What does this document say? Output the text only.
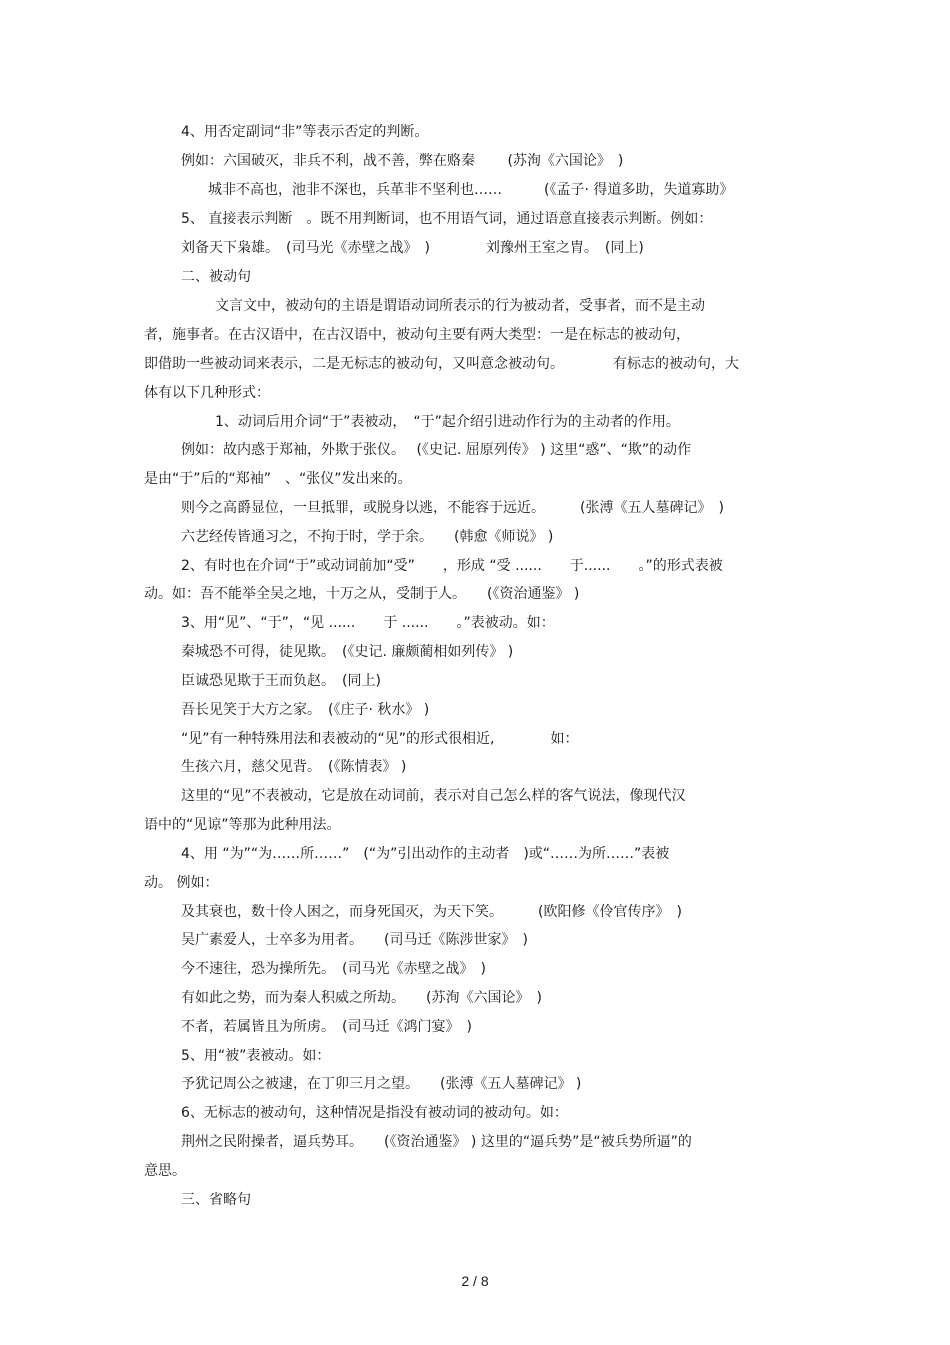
4、用否定副词“非”等表示否定的判断。
例如：六国破灭，非兵不利，战不善，弊在赂秦　　 (苏洵《六国论》　)
城非不高也，池非不深也，兵革非不坚利也……　　　(《孟子· 得道多助，失道寡助》
5、 直接表示判断　。既不用判断词，也不用语气词，通过语意直接表示判断。例如：
刘备天下枭雄。　(司马光《赤壁之战》　)　　　　刘豫州王室之胄。　(同上)
二、被动句
文言文中，被动句的主语是谓语动词所表示的行为被动者，受事者，而不是主动
者，施事者。在古汉语中，在古汉语中，被动句主要有两大类型：一是在标志的被动句，
即借助一些被动词来表示，二是无标志的被动句，又叫意念被动句。　　　　有标志的被动句，大
体有以下几种形式：
1、动词后用介词“于”表被动，　“于”起介绍引进动作行为的主动者的作用。
例如：故内惑于郑袖，外欺于张仪。　 (《史记. 屈原列传》 ) 这里“惑”、“欺”的动作
是由“于”后的“郑袖”　、“张仪”发出来的。
则今之高爵显位，一旦抵罪，或脱身以逃，不能容于远近。　　　(张溥《五人墓碑记》　)
六艺经传皆通习之，不拘于时，学于余。　　(韩愈《师说》 )
2、有时也在介词“于”或动词前加“受”　　，形成 “受 ......　　于......　　。”的形式表被
动。如：吾不能举全吴之地，十万之从，受制于人。　　(《资治通鉴》 )
3、用“见”、“于”，“见 ......　　于 ......　　。”表被动。如：
秦城恐不可得，徒见欺。　(《史记. 廉颇蔺相如列传》 )
臣诚恐见欺于王而负赵。　(同上)
吾长见笑于大方之家。　(《庄子· 秋水》 )
“见”有一种特殊用法和表被动的“见”的形式很相近,　　　　如：
生孩六月，慈父见背。　(《陈情表》 )
这里的“见”不表被动，它是放在动词前，表示对自己怎么样的客气说法，像现代汉
语中的“见谅”等那为此种用法。
4、用 “为”“为……所……”　(“为”引出动作的主动者　)或“……为所……”表被
动。 例如：
及其衰也，数十伶人困之，而身死国灭，为天下笑。　　　(欧阳修《伶官传序》　)
吴广素爱人，士卒多为用者。　　(司马迁《陈涉世家》　)
今不速往，恐为操所先。　(司马光《赤壁之战》　)
有如此之势，而为秦人积威之所劫。　　(苏洵《六国论》　)
不者，若属皆且为所虏。　(司马迁《鸿门宴》　)
5、用“被”表被动。如：
予犹记周公之被逮，在丁卯三月之望。　　(张溥《五人墓碑记》 )
6、无标志的被动句，这种情况是指没有被动词的被动句。如：
荆州之民附操者，逼兵势耳。　　(《资治通鉴》 ) 这里的“逼兵势”是“被兵势所逼”的
意思。
三、省略句
2 / 8
